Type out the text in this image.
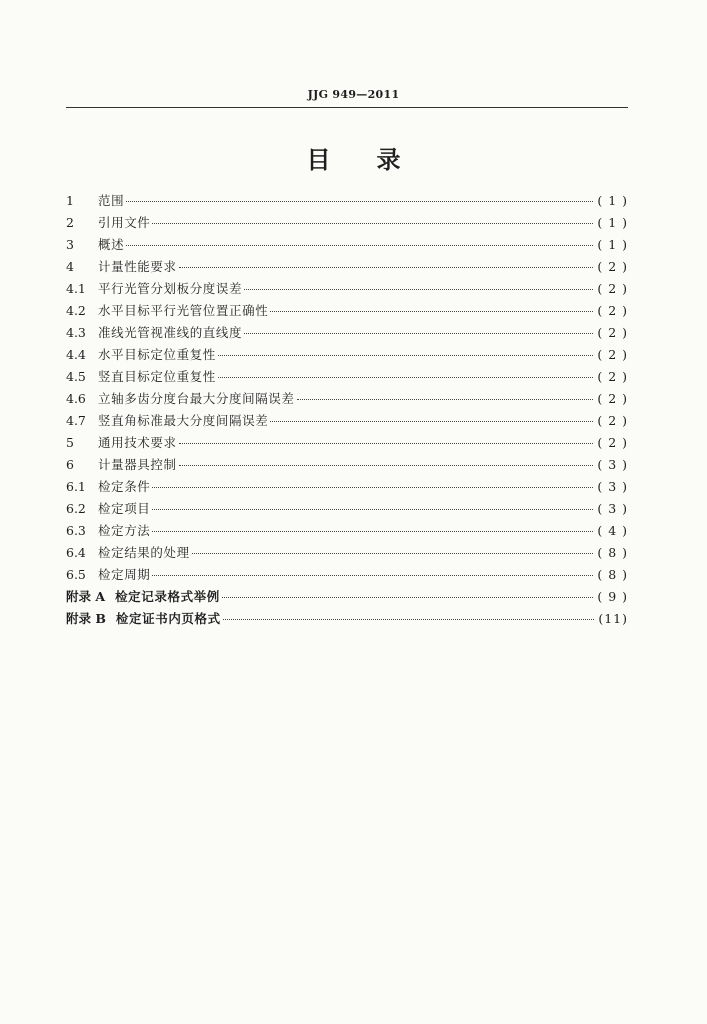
JJG 949—2011
目录
1	范围	( 1 )
2	引用文件	( 1 )
3	概述	( 1 )
4	计量性能要求	( 2 )
4.1 平行光管分划板分度误差	( 2 )
4.2 水平目标平行光管位置正确性	( 2 )
4.3 准线光管视准线的直线度	( 2 )
4.4 水平目标定位重复性	( 2 )
4.5 竖直目标定位重复性	( 2 )
4.6 立轴多齿分度台最大分度间隔误差	( 2 )
4.7 竖直角标准最大分度间隔误差	( 2 )
5	通用技术要求	( 2 )
6	计量器具控制	( 3 )
6.1 检定条件	( 3 )
6.2 检定项目	( 3 )
6.3 检定方法	( 4 )
6.4 检定结果的处理	( 8 )
6.5 检定周期	( 8 )
附录 A 检定记录格式举例	( 9 )
附录 B 检定证书内页格式	(11)
